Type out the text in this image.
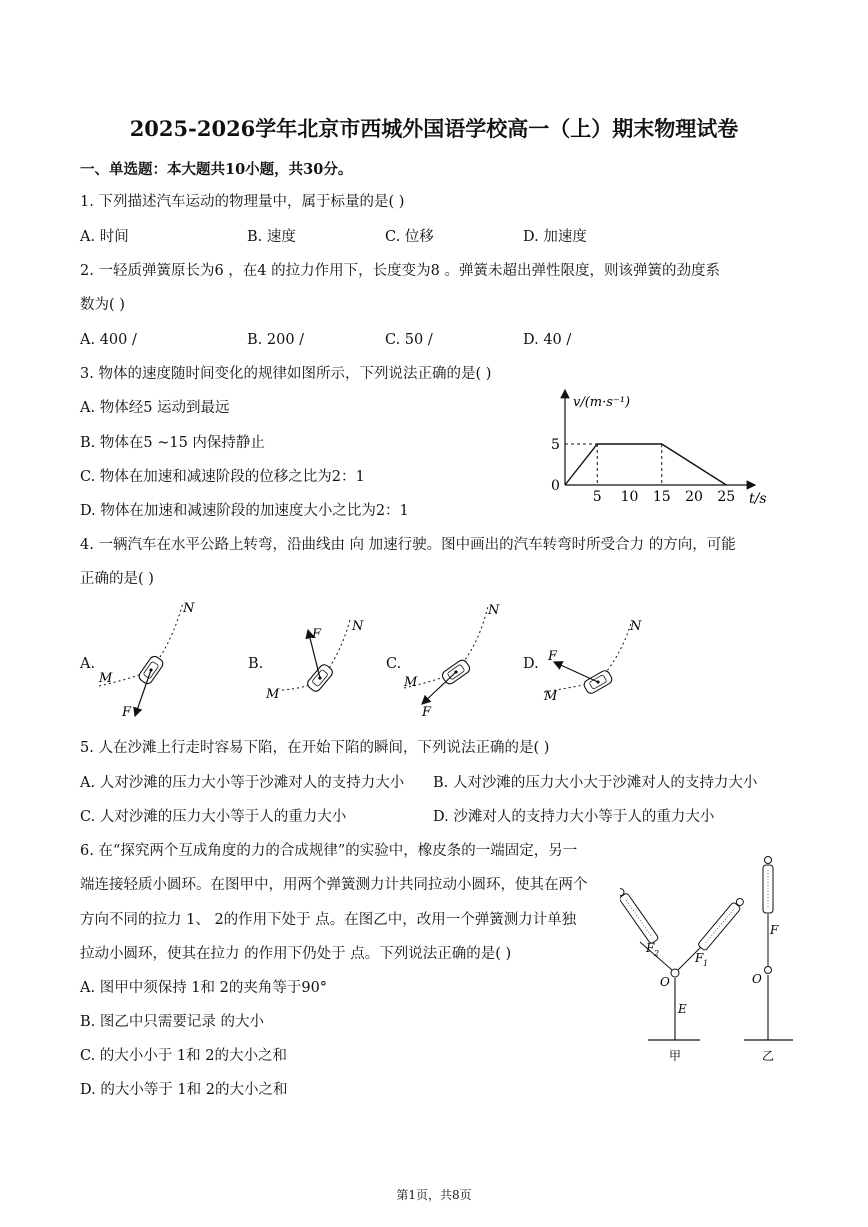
2025-2026学年北京市西城外国语学校高一（上）期末物理试卷
一、单选题：本大题共10小题，共30分。
1. 下列描述汽车运动的物理量中，属于标量的是( )
A. 时间	B. 速度	C. 位移	D. 加速度
2. 一轻质弹簧原长为6 ，在4 的拉力作用下，长度变为8 。弹簧未超出弹性限度，则该弹簧的劲度系
数为( )
A. 400 /	B. 200 /	C. 50 /	D. 40 /
3. 物体的速度随时间变化的规律如图所示，下列说法正确的是( )
A. 物体经5 运动到最远
B. 物体在5 ~15 内保持静止
C. 物体在加速和减速阶段的位移之比为2：1
D. 物体在加速和减速阶段的加速度大小之比为2：1
5 10 15 20 25
0
5
v/(m·s⁻¹)
t/s
4. 一辆汽车在水平公路上转弯，沿曲线由 向 加速行驶。图中画出的汽车转弯时所受合力 的方向，可能
正确的是( )
A.	B.	C.	D.
M
N
F
M
N
F
M
N
F
M
N
F
5. 人在沙滩上行走时容易下陷，在开始下陷的瞬间，下列说法正确的是( )
A. 人对沙滩的压力大小等于沙滩对人的支持力大小 B. 人对沙滩的压力大小大于沙滩对人的支持力大小
C. 人对沙滩的压力大小等于人的重力大小	D. 沙滩对人的支持力大小等于人的重力大小
6. 在“探究两个互成角度的力的合成规律”的实验中，橡皮条的一端固定，另一
端连接轻质小圆环。在图甲中，用两个弹簧测力计共同拉动小圆环，使其在两个
方向不同的拉力 1、 2的作用下处于 点。在图乙中，改用一个弹簧测力计单独
拉动小圆环，使其在拉力 的作用下仍处于 点。下列说法正确的是( )
A. 图甲中须保持 1和 2的夹角等于90°
B. 图乙中只需要记录 的大小
C. 的大小小于 1和 2的大小之和
D. 的大小等于 1和 2的大小之和
F 2	F 1
O
E
甲
F
O
乙
第1页，共8页
